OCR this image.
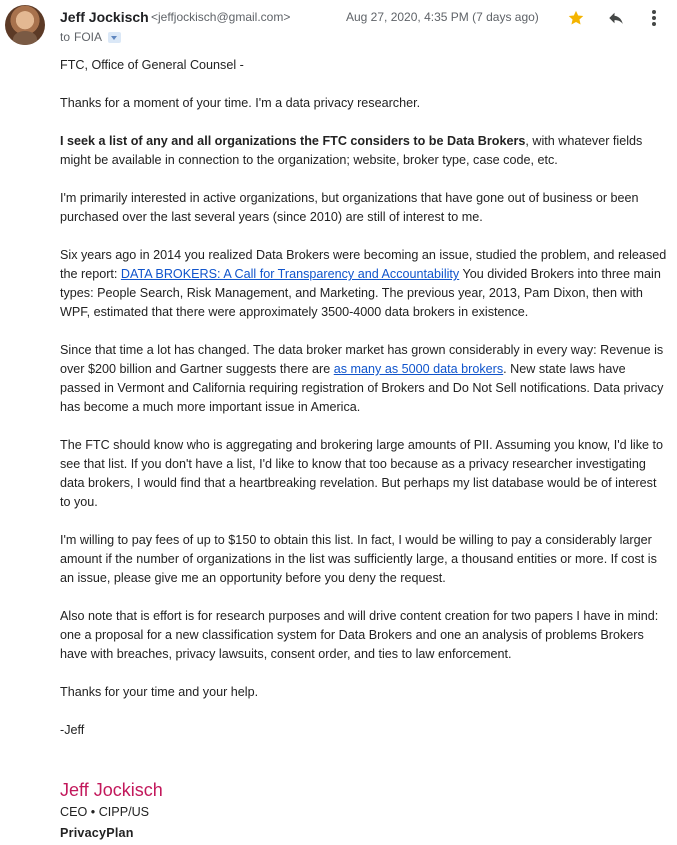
Jeff Jockisch <jeffjockisch@gmail.com>	Aug 27, 2020, 4:35 PM (7 days ago)
to FOIA

FTC, Office of General Counsel -

Thanks for a moment of your time. I'm a data privacy researcher.

I seek a list of any and all organizations the FTC considers to be Data Brokers, with whatever fields might be available in connection to the organization; website, broker type, case code, etc.

I'm primarily interested in active organizations, but organizations that have gone out of business or been purchased over the last several years (since 2010) are still of interest to me.

Six years ago in 2014 you realized Data Brokers were becoming an issue, studied the problem, and released the report: DATA BROKERS: A Call for Transparency and Accountability You divided Brokers into three main types: People Search, Risk Management, and Marketing. The previous year, 2013, Pam Dixon, then with WPF, estimated that there were approximately 3500-4000 data brokers in existence.

Since that time a lot has changed. The data broker market has grown considerably in every way: Revenue is over $200 billion and Gartner suggests there are as many as 5000 data brokers. New state laws have passed in Vermont and California requiring registration of Brokers and Do Not Sell notifications. Data privacy has become a much more important issue in America.

The FTC should know who is aggregating and brokering large amounts of PII. Assuming you know, I'd like to see that list. If you don't have a list, I'd like to know that too because as a privacy researcher investigating data brokers, I would find that a heartbreaking revelation. But perhaps my list database would be of interest to you.

I'm willing to pay fees of up to $150 to obtain this list. In fact, I would be willing to pay a considerably larger amount if the number of organizations in the list was sufficiently large, a thousand entities or more. If cost is an issue, please give me an opportunity before you deny the request.

Also note that is effort is for research purposes and will drive content creation for two papers I have in mind: one a proposal for a new classification system for Data Brokers and one an analysis of problems Brokers have with breaches, privacy lawsuits, consent order, and ties to law enforcement.

Thanks for your time and your help.

-Jeff

Jeff Jockisch
CEO • CIPP/US
PrivacyPlan
